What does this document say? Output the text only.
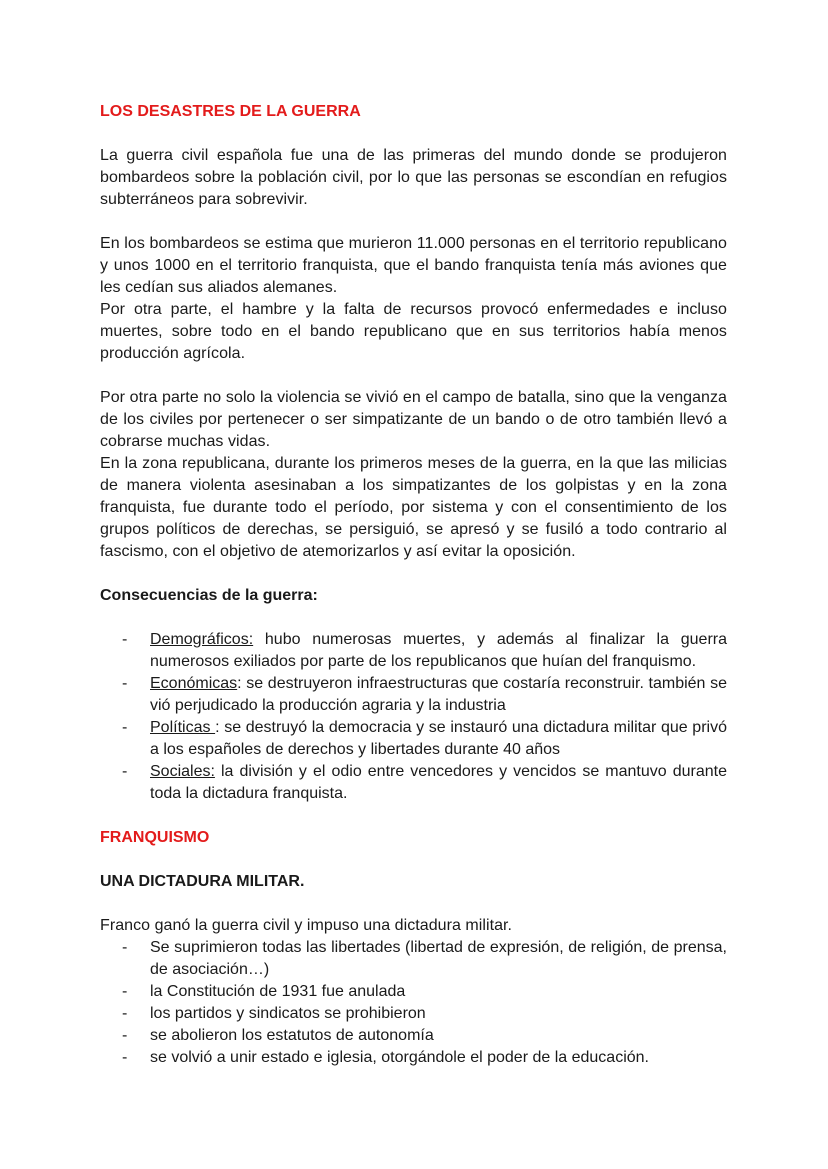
LOS DESASTRES DE LA GUERRA

La guerra civil española fue una de las primeras del mundo donde se produjeron bombardeos sobre la población civil, por lo que las personas se escondían en refugios subterráneos para sobrevivir.

En los bombardeos se estima que murieron 11.000 personas en el territorio republicano y unos 1000 en el territorio franquista, que el bando franquista tenía más aviones que les cedían sus aliados alemanes.

Por otra parte, el hambre y la falta de recursos provocó enfermedades e incluso muertes, sobre todo en el bando republicano que en sus territorios había menos producción agrícola.

Por otra parte no solo la violencia se vivió en el campo de batalla, sino que la venganza de los civiles por pertenecer o ser simpatizante de un bando o de otro también llevó a cobrarse muchas vidas.

En la zona republicana, durante los primeros meses de la guerra, en la que las milicias de manera violenta asesinaban a los simpatizantes de los golpistas y en la zona franquista, fue durante todo el período, por sistema y con el consentimiento de los grupos políticos de derechas, se persiguió, se apresó y se fusiló a todo contrario al fascismo, con el objetivo de atemorizarlos y así evitar la oposición.

Consecuencias de la guerra:
- Demográficos: hubo numerosas muertes, y además al finalizar la guerra numerosos exiliados por parte de los republicanos que huían del franquismo.
- Económicas: se destruyeron infraestructuras que costaría reconstruir. también se vió perjudicado la producción agraria y la industria
- Políticas : se destruyó la democracia y se instauró una dictadura militar que privó a los españoles de derechos y libertades durante 40 años
- Sociales: la división y el odio entre vencedores y vencidos se mantuvo durante toda la dictadura franquista.
FRANQUISMO
UNA DICTADURA MILITAR.

Franco ganó la guerra civil y impuso una dictadura militar.

- Se suprimieron todas las libertades (libertad de expresión, de religión, de prensa, de asociación…)
- la Constitución de 1931 fue anulada
- los partidos y sindicatos se prohibieron
- se abolieron los estatutos de autonomía
- se volvió a unir estado e iglesia, otorgándole el poder de la educación.
